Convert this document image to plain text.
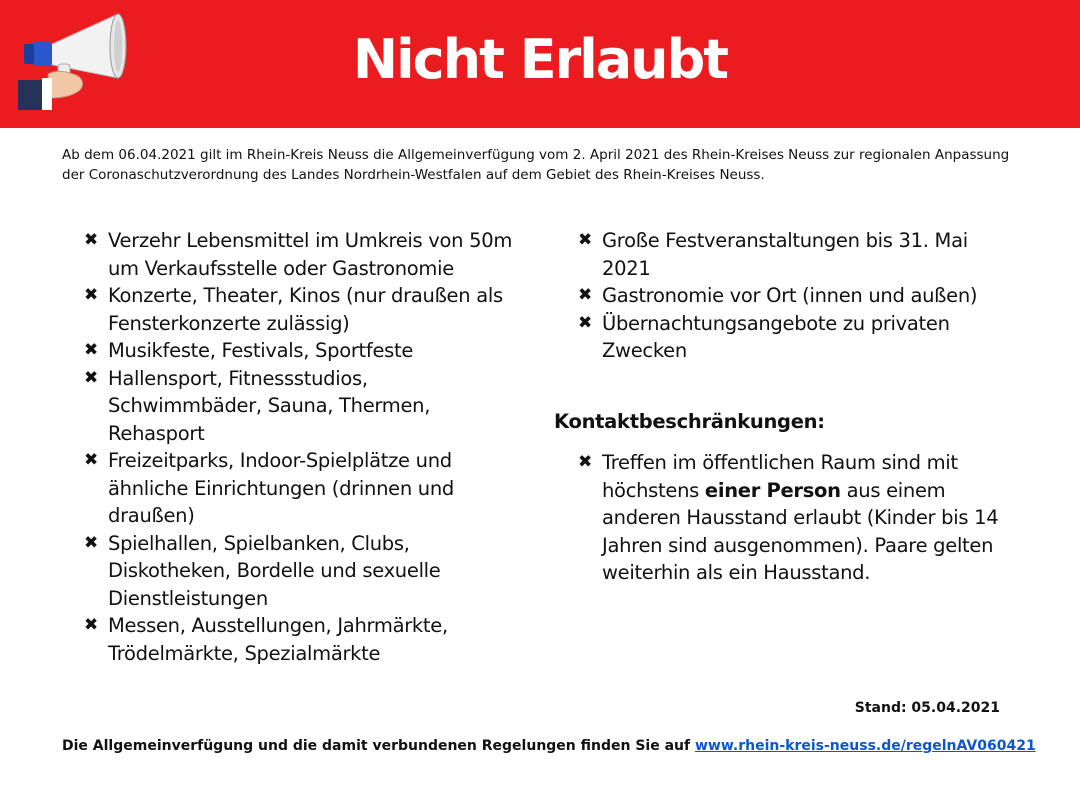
Nicht Erlaubt
Ab dem 06.04.2021 gilt im Rhein-Kreis Neuss die Allgemeinverfügung vom 2. April 2021 des Rhein-Kreises Neuss zur regionalen Anpassung der Coronaschutzverordnung des Landes Nordrhein-Westfalen auf dem Gebiet des Rhein-Kreises Neuss.
✖ Verzehr Lebensmittel im Umkreis von 50m um Verkaufsstelle oder Gastronomie
✖ Konzerte, Theater, Kinos (nur draußen als Fensterkonzerte zulässig)
✖ Musikfeste, Festivals, Sportfeste
✖ Hallensport, Fitnessstudios, Schwimmbäder, Sauna, Thermen, Rehasport
✖ Freizeitparks, Indoor-Spielplätze und ähnliche Einrichtungen (drinnen und draußen)
✖ Spielhallen, Spielbanken, Clubs, Diskotheken, Bordelle und sexuelle Dienstleistungen
✖ Messen, Ausstellungen, Jahrmärkte, Trödelmärkte, Spezialmärkte
✖ Große Festveranstaltungen bis 31. Mai 2021
✖ Gastronomie vor Ort (innen und außen)
✖ Übernachtungsangebote zu privaten Zwecken
Kontaktbeschränkungen:
✖ Treffen im öffentlichen Raum sind mit höchstens einer Person aus einem anderen Hausstand erlaubt (Kinder bis 14 Jahren sind ausgenommen). Paare gelten weiterhin als ein Hausstand.
Stand: 05.04.2021
Die Allgemeinverfügung und die damit verbundenen Regelungen finden Sie auf www.rhein-kreis-neuss.de/regelnAV060421
